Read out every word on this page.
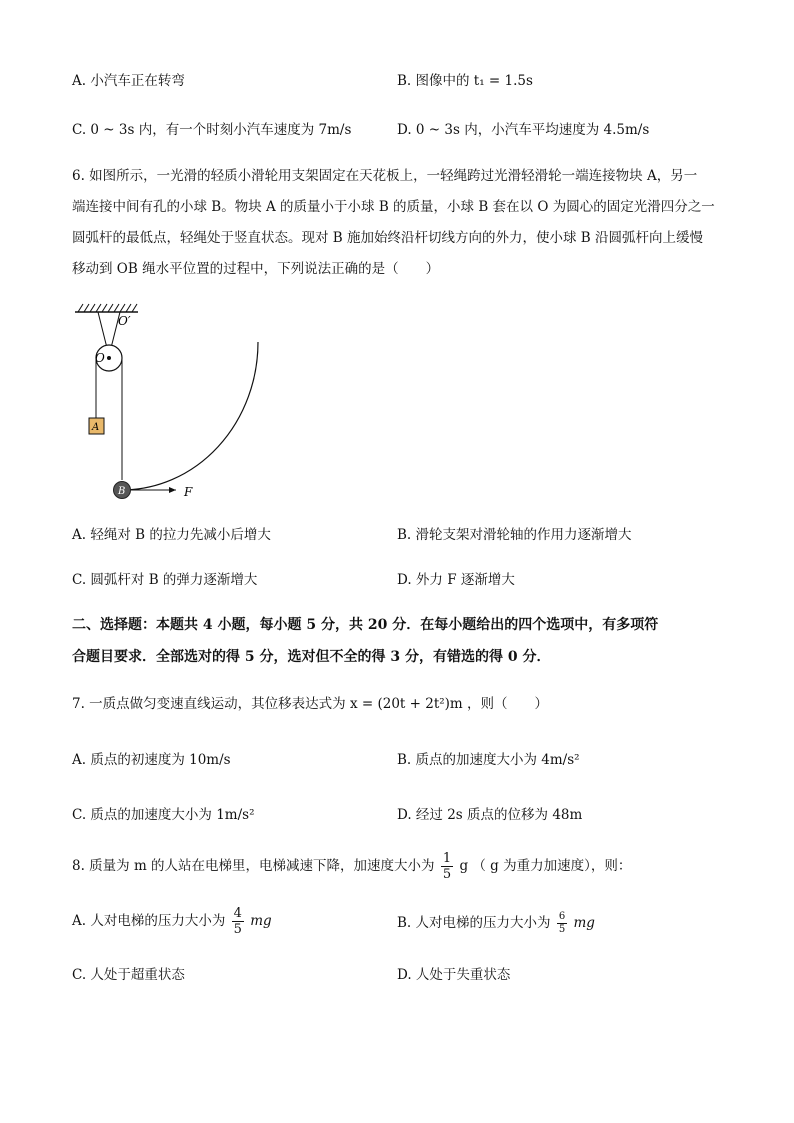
A. 小汽车正在转弯	B. 图像中的 t₁ = 1.5s
C. 0 ~ 3s 内，有一个时刻小汽车速度为 7m/s	D. 0 ~ 3s 内，小汽车平均速度为 4.5m/s
6. 如图所示，一光滑的轻质小滑轮用支架固定在天花板上，一轻绳跨过光滑轻滑轮一端连接物块 A，另一
端连接中间有孔的小球 B。物块 A 的质量小于小球 B 的质量，小球 B 套在以 O 为圆心的固定光滑四分之一
圆弧杆的最低点，轻绳处于竖直状态。现对 B 施加始终沿杆切线方向的外力，使小球 B 沿圆弧杆向上缓慢
移动到 OB 绳水平位置的过程中，下列说法正确的是（　　）
O′
O
A
B	F
A. 轻绳对 B 的拉力先减小后增大	B. 滑轮支架对滑轮轴的作用力逐渐增大
C. 圆弧杆对 B 的弹力逐渐增大	D. 外力 F 逐渐增大
二、选择题：本题共 4 小题，每小题 5 分，共 20 分．在每小题给出的四个选项中，有多项符
合题目要求．全部选对的得 5 分，选对但不全的得 3 分，有错选的得 0 分．
7. 一质点做匀变速直线运动，其位移表达式为 x = (20t + 2t²)m ，则（　　）
A. 质点的初速度为 10m/s	B. 质点的加速度大小为 4m/s²
C. 质点的加速度大小为 1m/s²	D. 经过 2s 质点的位移为 48m
8. 质量为 m 的人站在电梯里，电梯减速下降，加速度大小为 $\frac{1}{5}$ g （ g 为重力加速度），则：
A. 人对电梯的压力大小为 $\frac{4}{5}$ mg	B. 人对电梯的压力大小为 $\frac{6}{5}$ mg
C. 人处于超重状态	D. 人处于失重状态
